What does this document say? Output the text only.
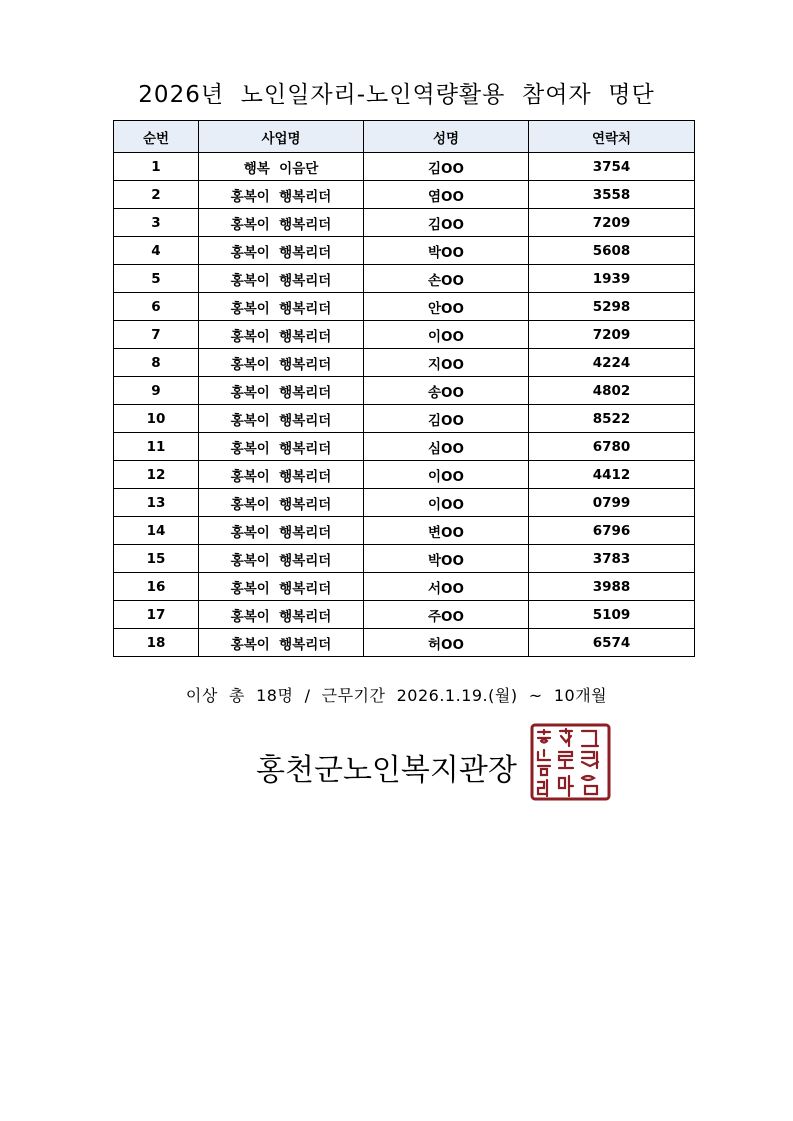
2026년  노인일자리-노인역량활용  참여자  명단
순번	사업명	성명	연락처
1	행복  이음단	김OO	3754
2	홍복이  행복리더	염OO	3558
3	홍복이  행복리더	김OO	7209
4	홍복이  행복리더	박OO	5608
5	홍복이  행복리더	손OO	1939
6	홍복이  행복리더	안OO	5298
7	홍복이  행복리더	이OO	7209
8	홍복이  행복리더	지OO	4224
9	홍복이  행복리더	송OO	4802
10	홍복이  행복리더	김OO	8522
11	홍복이  행복리더	심OO	6780
12	홍복이  행복리더	이OO	4412
13	홍복이  행복리더	이OO	0799
14	홍복이  행복리더	변OO	6796
15	홍복이  행복리더	박OO	3783
16	홍복이  행복리더	서OO	3988
17	홍복이  행복리더	주OO	5109
18	홍복이  행복리더	허OO	6574
이상  총  18명  /  근무기간  2026.1.19.(월)  ~  10개월
홍천군노인복지관장
